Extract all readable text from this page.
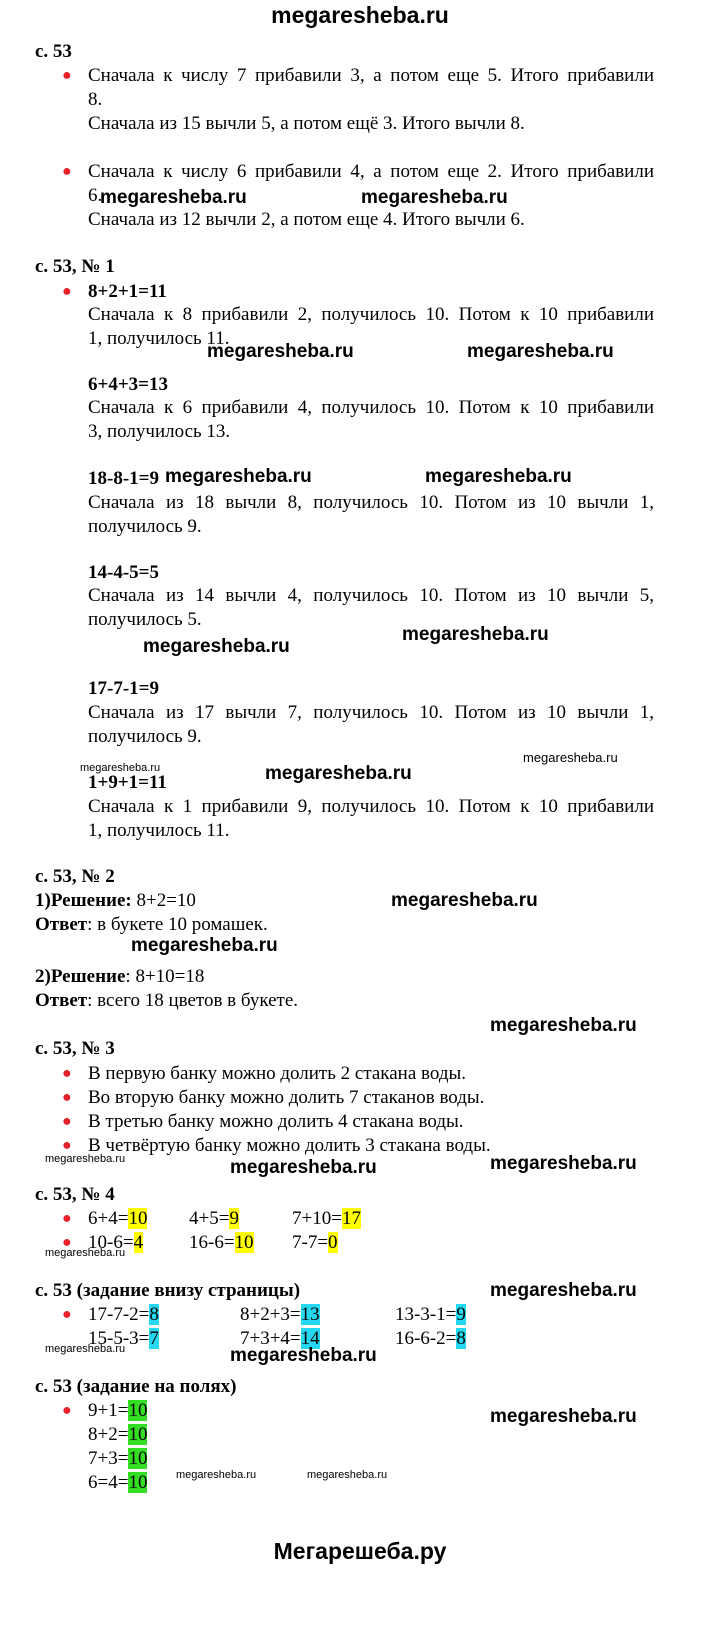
megaresheba.ru
с. 53
● Сначала к числу 7 прибавили 3, а потом еще 5. Итого прибавили
8.
Сначала из 15 вычли 5, а потом ещё 3. Итого вычли 8.
● Сначала к числу 6 прибавили 4, а потом еще 2. Итого прибавили
6.
Сначала из 12 вычли 2, а потом еще 4. Итого вычли 6.
megaresheba.ru	megaresheba.ru
с. 53, № 1
● 8+2+1=11
Сначала к 8 прибавили 2, получилось 10. Потом к 10 прибавили
1, получилось 11.
megaresheba.ru	megaresheba.ru
6+4+3=13
Сначала к 6 прибавили 4, получилось 10. Потом к 10 прибавили
3, получилось 13.
18-8-1=9 megaresheba.ru	megaresheba.ru
Сначала из 18 вычли 8, получилось 10. Потом из 10 вычли 1,
получилось 9.
14-4-5=5
Сначала из 14 вычли 4, получилось 10. Потом из 10 вычли 5,
получилось 5.
megaresheba.ru
megaresheba.ru
17-7-1=9
Сначала из 17 вычли 7, получилось 10. Потом из 10 вычли 1,
получилось 9.
megaresheba.ru
megaresheba.ru	megaresheba.ru
1+9+1=11
Сначала к 1 прибавили 9, получилось 10. Потом к 10 прибавили
1, получилось 11.
с. 53, № 2
1)Решение: 8+2=10	megaresheba.ru
Ответ: в букете 10 ромашек.
megaresheba.ru
2)Решение: 8+10=18
Ответ: всего 18 цветов в букете.
megaresheba.ru
с. 53, № 3
● В первую банку можно долить 2 стакана воды.
● Во вторую банку можно долить 7 стаканов воды.
● В третью банку можно долить 4 стакана воды.
● В четвёртую банку можно долить 3 стакана воды.
megaresheba.ru	megaresheba.ru	megaresheba.ru
с. 53, № 4
● 6+4=10 4+5=9	7+10=17
● 10-6=4 16-6=10 7-7=0
megaresheba.ru
с. 53 (задание внизу страницы)	megaresheba.ru
● 17-7-2=8	8+2+3=13	13-3-1=9
15-5-3=7	7+3+4=14	16-6-2=8
megaresheba.ru	megaresheba.ru
с. 53 (задание на полях)
● 9+1=10	megaresheba.ru
8+2=10
7+3=10
6=4=10	megaresheba.ru	megaresheba.ru
Мегарешеба.ру
